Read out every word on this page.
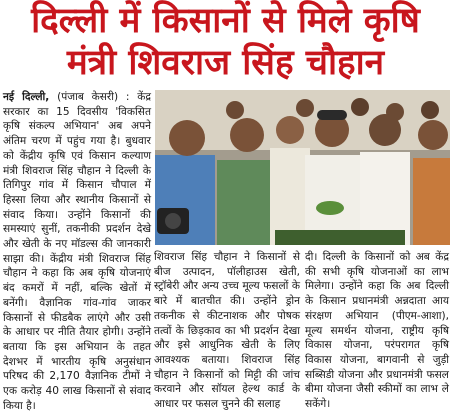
दिल्ली में किसानों से मिले कृषि
मंत्री शिवराज सिंह चौहान

नई दिल्ली, (पंजाब केसरी) : केंद्र सरकार का 15 दिवसीय 'विकसित कृषि संकल्प अभियान' अब अपने अंतिम चरण में पहुंच गया है। बुधवार को केंद्रीय कृषि एवं किसान कल्याण मंत्री शिवराज सिंह चौहान ने दिल्ली के तिगिपुर गांव में किसान चौपाल में हिस्सा लिया और स्थानीय किसानों से संवाद किया। उन्होंने किसानों की समस्याएं सुनीं, तकनीकी प्रदर्शन देखे और खेती के नए मॉडल्स की जानकारी साझा की। केंद्रीय मंत्री शिवराज सिंह चौहान ने कहा कि अब कृषि योजनाएं बंद कमरों में नहीं, बल्कि खेतों में बनेंगी। वैज्ञानिक गांव-गांव जाकर किसानों से फीडबैक लाएंगे और उसी के आधार पर नीति तैयार होगी। उन्होंने बताया कि इस अभियान के तहत देशभर में भारतीय कृषि अनुसंधान परिषद की 2,170 वैज्ञानिक टीमों ने एक करोड़ 40 लाख किसानों से संवाद किया है।

शिवराज सिंह चौहान ने किसानों से बीज उत्पादन, पॉलीहाउस खेती, स्ट्रॉबेरी और अन्य उच्च मूल्य फसलों के बारे में बातचीत की। उन्होंने ड्रोन तकनीक से कीटनाशक और पोषक तत्वों के छिड़काव का भी प्रदर्शन देखा और इसे आधुनिक खेती के लिए आवश्यक बताया। शिवराज सिंह चौहान ने किसानों को मिट्टी की जांच करवाने और सॉयल हेल्थ कार्ड के आधार पर फसल चुनने की सलाह

दी। दिल्ली के किसानों को अब केंद्र की सभी कृषि योजनाओं का लाभ मिलेगा। उन्होंने कहा कि अब दिल्ली के किसान प्रधानमंत्री अन्नदाता आय संरक्षण अभियान (पीएम-आशा), मूल्य समर्थन योजना, राष्ट्रीय कृषि विकास योजना, परंपरागत कृषि विकास योजना, बागवानी से जुड़ी सब्सिडी योजना और प्रधानमंत्री फसल बीमा योजना जैसी स्कीमों का लाभ ले सकेंगे।
